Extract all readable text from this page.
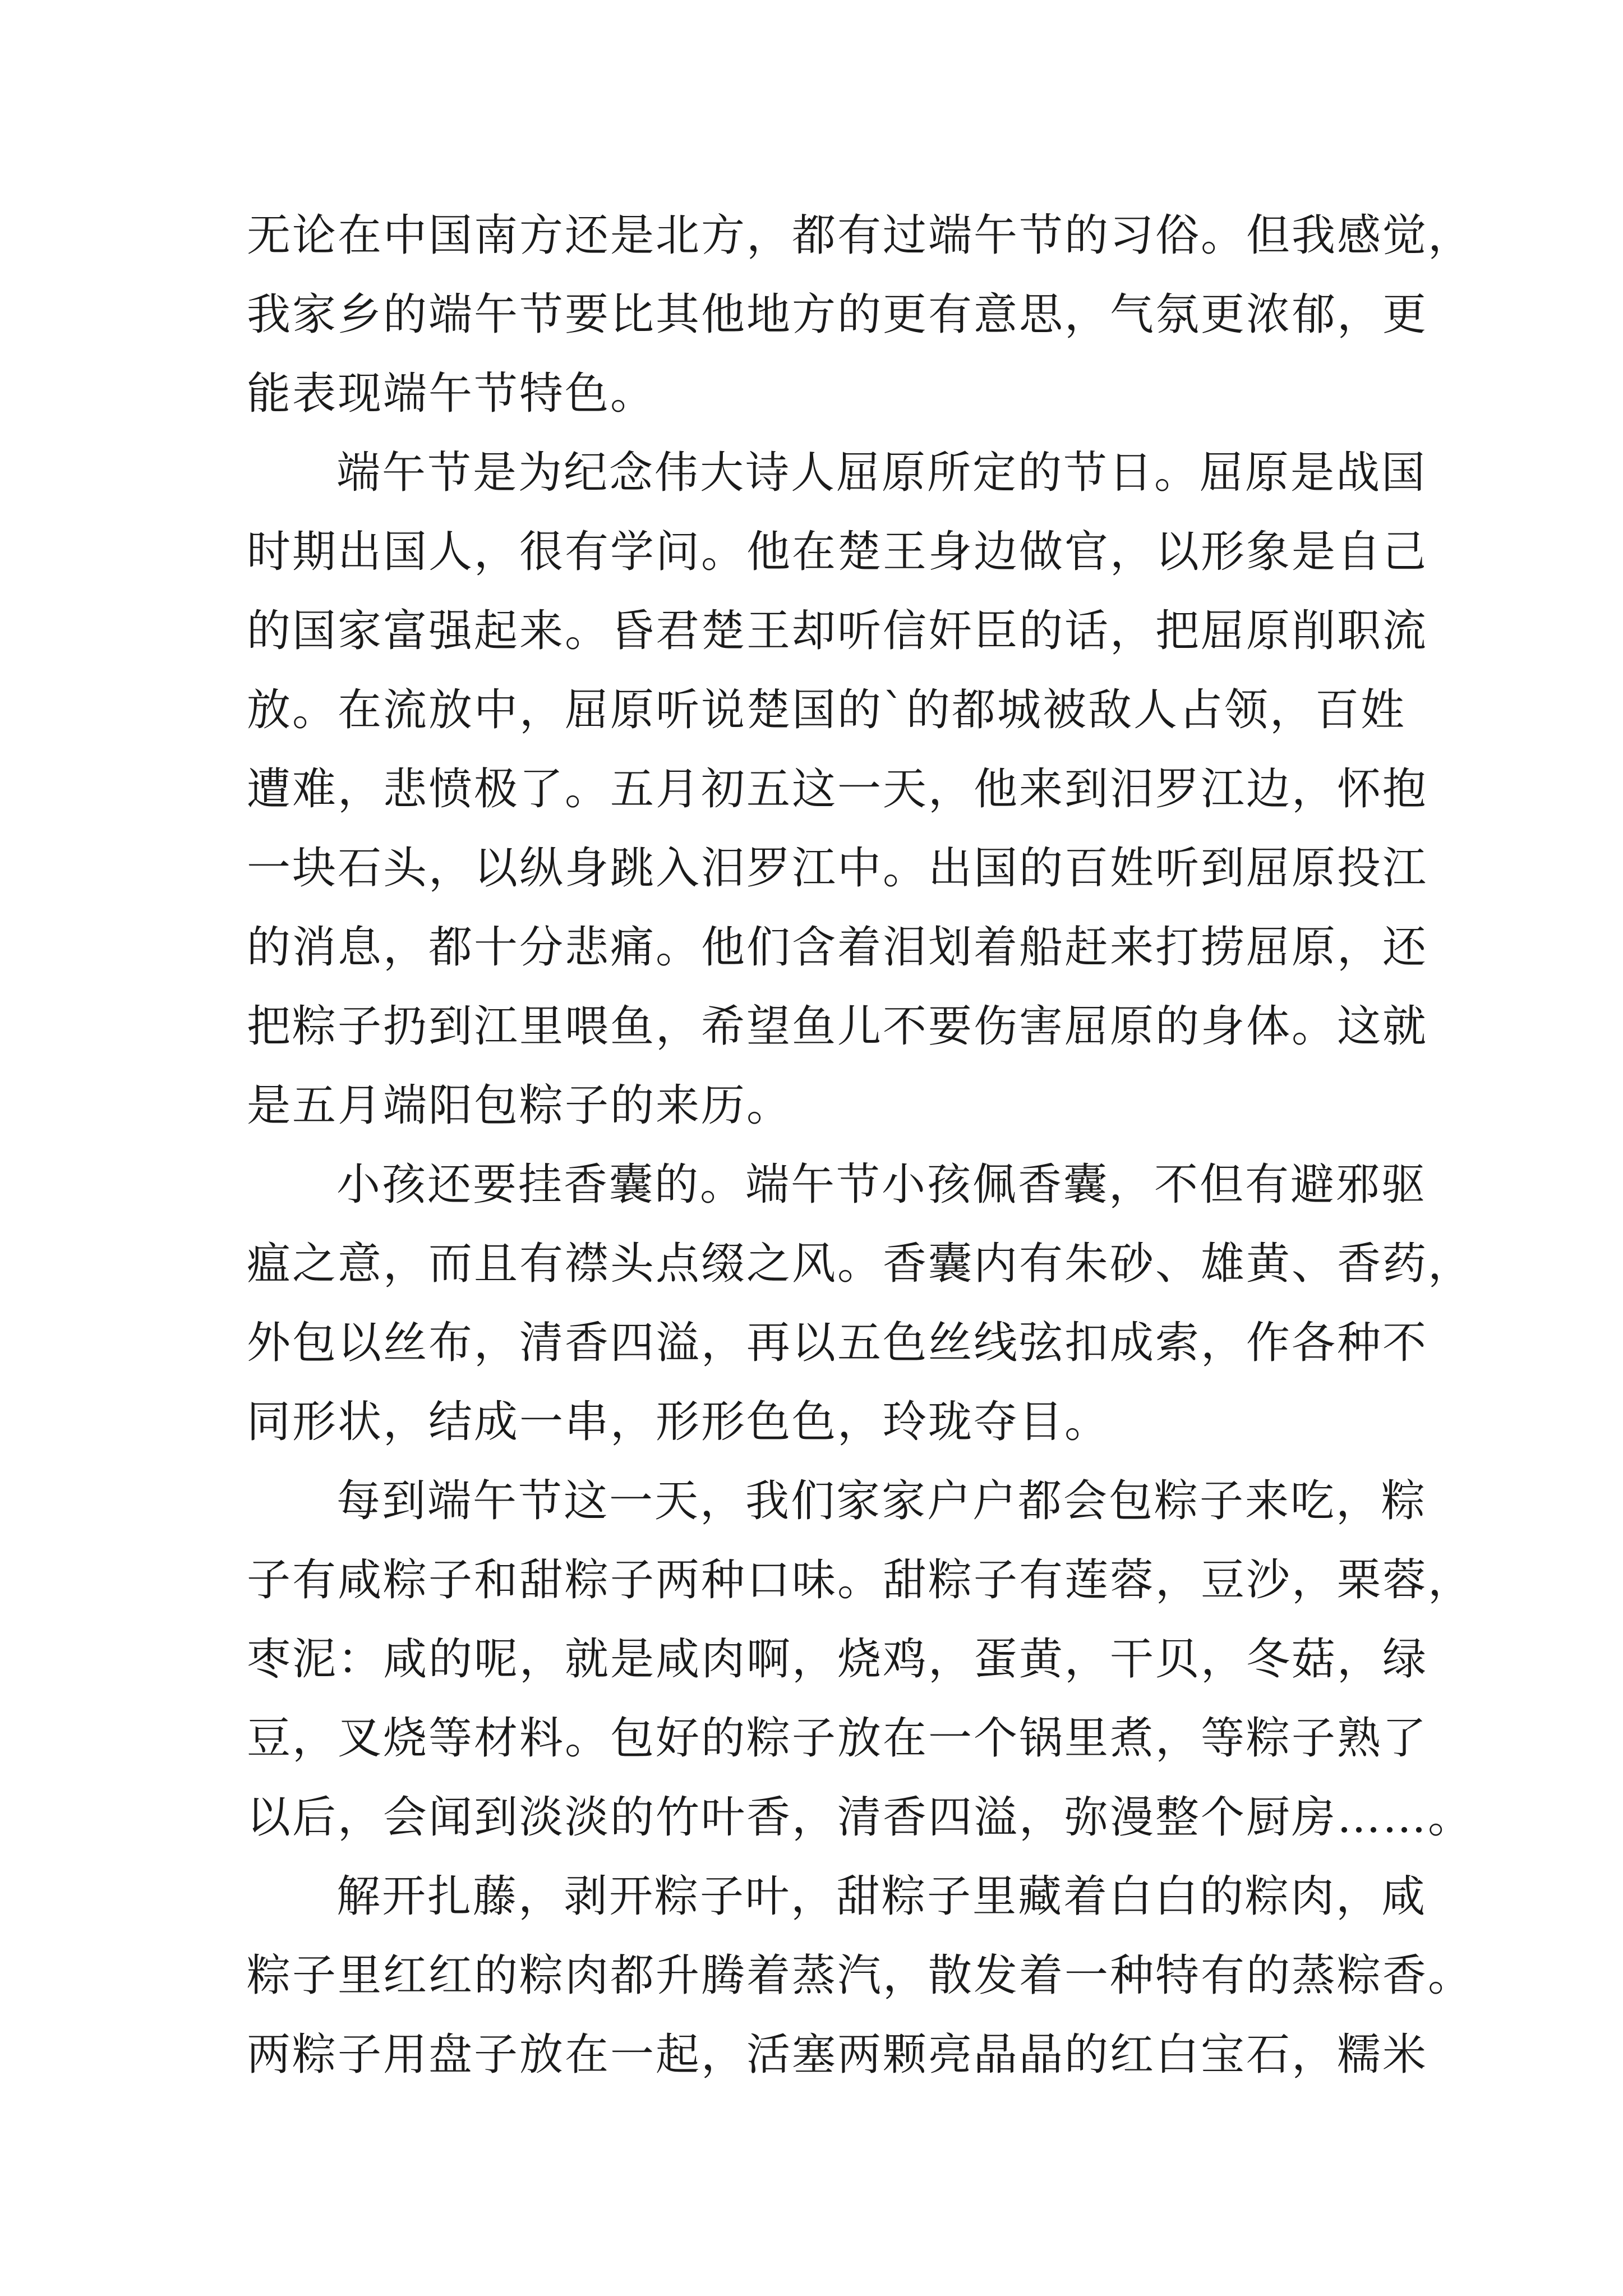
无论在中国南方还是北方，都有过端午节的习俗。但我感觉，
我家乡的端午节要比其他地方的更有意思，气氛更浓郁，更
能表现端午节特色。
端午节是为纪念伟大诗人屈原所定的节日。屈原是战国
时期出国人，很有学问。他在楚王身边做官，以形象是自己
的国家富强起来。昏君楚王却听信奸臣的话，把屈原削职流
放。在流放中，屈原听说楚国的`的都城被敌人占领，百姓
遭难，悲愤极了。五月初五这一天，他来到汨罗江边，怀抱
一块石头，以纵身跳入汨罗江中。出国的百姓听到屈原投江
的消息，都十分悲痛。他们含着泪划着船赶来打捞屈原，还
把粽子扔到江里喂鱼，希望鱼儿不要伤害屈原的身体。这就
是五月端阳包粽子的来历。
小孩还要挂香囊的。端午节小孩佩香囊，不但有避邪驱
瘟之意，而且有襟头点缀之风。香囊内有朱砂、雄黄、香药，
外包以丝布，清香四溢，再以五色丝线弦扣成索，作各种不
同形状，结成一串，形形色色，玲珑夺目。
每到端午节这一天，我们家家户户都会包粽子来吃，粽
子有咸粽子和甜粽子两种口味。甜粽子有莲蓉，豆沙，栗蓉，
枣泥：咸的呢，就是咸肉啊，烧鸡，蛋黄，干贝，冬菇，绿
豆，叉烧等材料。包好的粽子放在一个锅里煮，等粽子熟了
以后，会闻到淡淡的竹叶香，清香四溢，弥漫整个厨房……。
解开扎藤，剥开粽子叶，甜粽子里藏着白白的粽肉，咸
粽子里红红的粽肉都升腾着蒸汽，散发着一种特有的蒸粽香。
两粽子用盘子放在一起，活塞两颗亮晶晶的红白宝石，糯米
